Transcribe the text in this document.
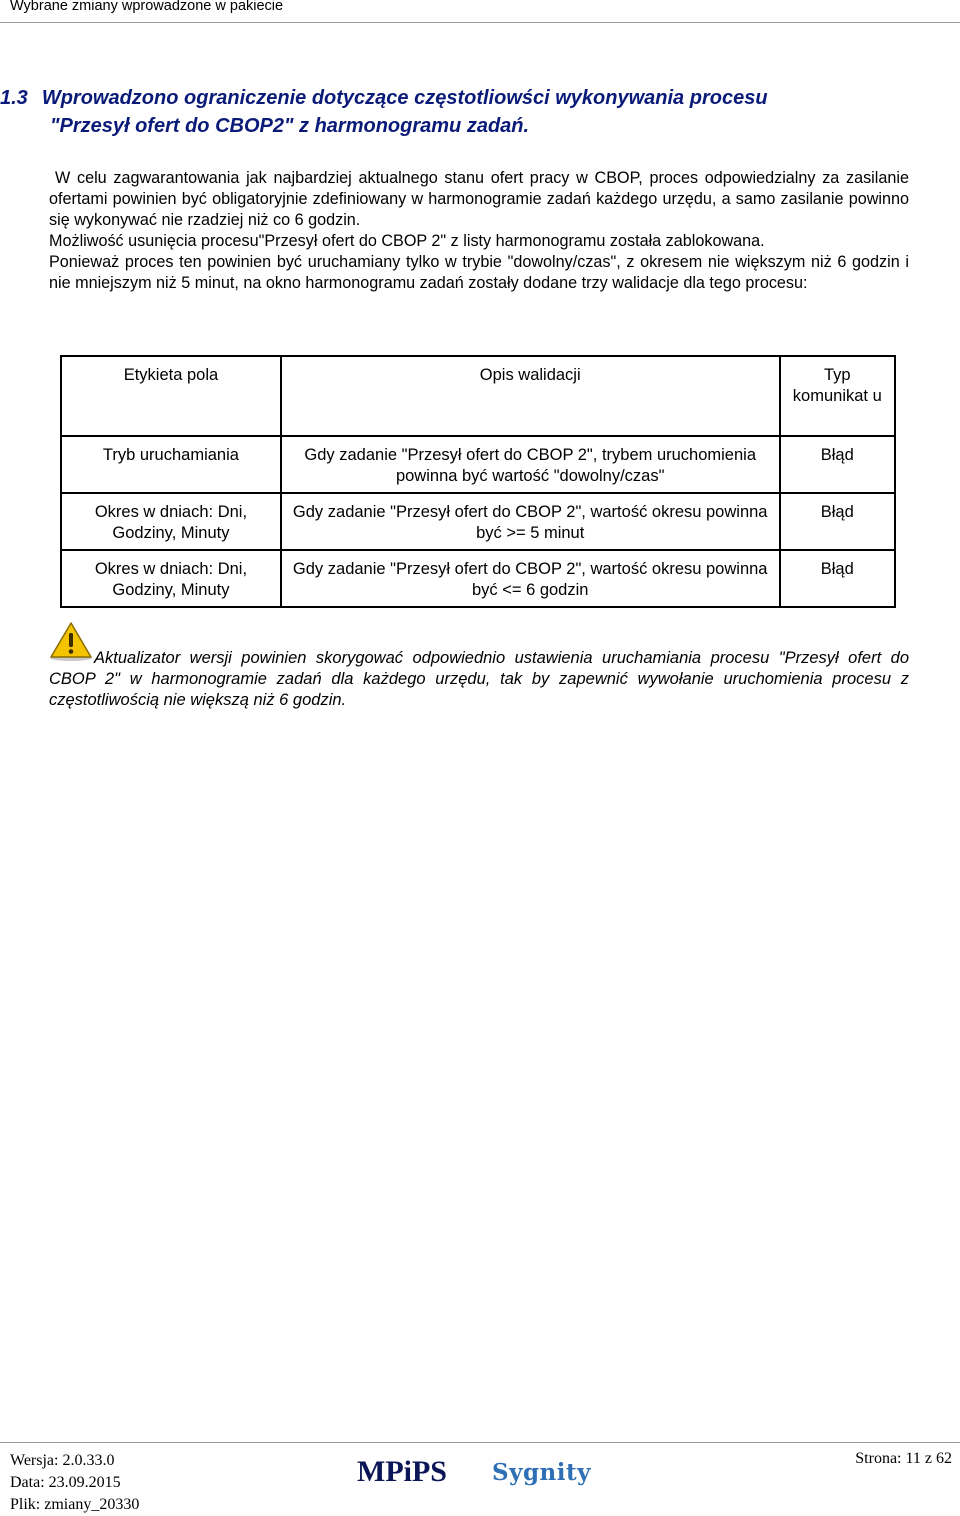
Wybrane zmiany wprowadzone w pakiecie
1.3 Wprowadzono ograniczenie dotyczące częstotliowści wykonywania procesu
"Przesył ofert do CBOP2" z harmonogramu zadań.

W celu zagwarantowania jak najbardziej aktualnego stanu ofert pracy w CBOP, proces odpowiedzialny za zasilanie ofertami powinien być obligatoryjnie zdefiniowany w harmonogramie zadań każdego urzędu, a samo zasilanie powinno się wykonywać nie rzadziej niż co 6 godzin.

Możliwość usunięcia procesu"Przesył ofert do CBOP 2" z listy harmonogramu została zablokowana.

Ponieważ proces ten powinien być uruchamiany tylko w trybie "dowolny/czas", z okresem nie większym niż 6 godzin i nie mniejszym niż 5 minut, na okno harmonogramu zadań zostały dodane trzy walidacje dla tego procesu:

Etykieta pola	Opis walidacji	Typ komunikat u
Tryb uruchamiania	Gdy zadanie "Przesył ofert do CBOP 2", trybem uruchomienia powinna być wartość "dowolny/czas"	Błąd
Okres w dniach: Dni, Godziny, Minuty	Gdy zadanie "Przesył ofert do CBOP 2", wartość okresu powinna być >= 5 minut	Błąd
Okres w dniach: Dni, Godziny, Minuty	Gdy zadanie "Przesył ofert do CBOP 2", wartość okresu powinna być <= 6 godzin	Błąd

Aktualizator wersji powinien skorygować odpowiednio ustawienia uruchamiania procesu "Przesył ofert do CBOP 2" w harmonogramie zadań dla każdego urzędu, tak by zapewnić wywołanie uruchomienia procesu z częstotliwością nie większą niż 6 godzin.

Wersja: 2.0.33.0
Data: 23.09.2015
Plik: zmiany_20330
MPiPS Sygnity
Strona: 11 z 62
